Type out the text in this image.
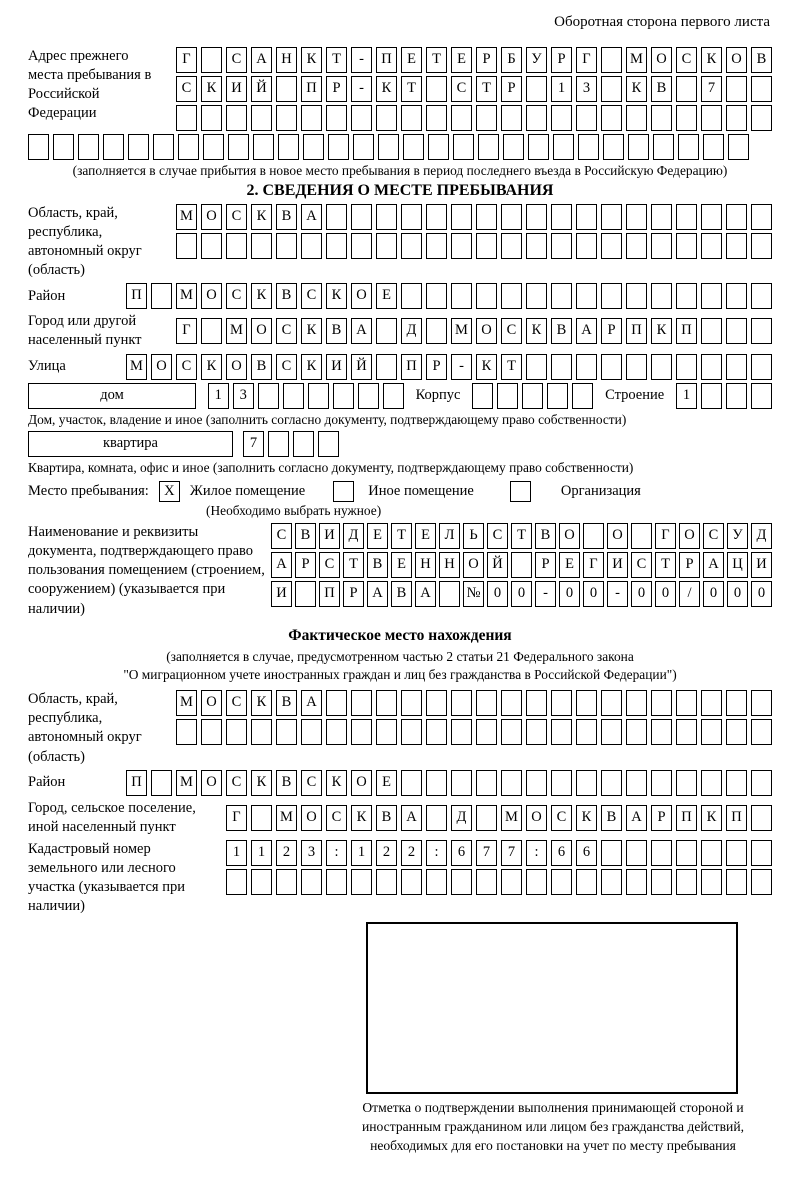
Оборотная сторона первого листа
Адрес прежнего места пребывания в Российской Федерации
Г	С	А	Н	К	Т	-	П	Е	Т	Е	Р	Б	У	Р	Г	М О	С	К	О	В
С	К	И	Й	П	Р	-	К	Т	С	Т	Р	1	3	К	В	7
(заполняется в случае прибытия в новое место пребывания в период последнего въезда в Российскую Федерацию)
2. СВЕДЕНИЯ О МЕСТЕ ПРЕБЫВАНИЯ
Область, край, республика, автономный округ (область)
М О	С	К	В	А
Район	П	М О	С	К	В	С	К	О	Е
Город или другой населенный пункт
Г	М О	С	К	В	А	Д	М О	С	К	В	А	Р	П	К	П
Улица	М О	С	К	О	В	С	К	И	Й	П	Р	-	К	Т
дом	1	3	Корпус	Строение	1
Дом, участок, владение и иное (заполнить согласно документу, подтверждающему право собственности)
квартира	7
Квартира, комната, офис и иное (заполнить согласно документу, подтверждающему право собственности)
Место пребывания:	X	Жилое помещение	Иное помещение	Организация
(Необходимо выбрать нужное)
Наименование и реквизиты документа, подтверждающего право пользования помещением (строением, сооружением) (указывается при наличии)
С В И Д	Е	Т	Е	Л	Ь	С	Т	В О	О	Г	О С У Д
А	Р	С	Т	В	Е Н Н О Й	Р	Е	Г	И С	Т	Р	А Ц И
И	П	Р	А В А	№ 0	0	-	0	0	-	0	0	/	0	0	0
Фактическое место нахождения
(заполняется в случае, предусмотренном частью 2 статьи 21 Федерального закона
"О миграционном учете иностранных граждан и лиц без гражданства в Российской Федерации")
Область, край, республика, автономный округ (область)
М О	С	К	В	А
Район	П	М О	С	К	В	С	К	О	Е
Город, сельское поселение, иной населенный пункт
Г	М О	С	К	В	А	Д	М О	С	К	В	А	Р	П	К	П
Кадастровый номер земельного или лесного участка (указывается при наличии)
1	1	2	3	:	1	2	2	:	6	7	7	:	6	6
Отметка о подтверждении выполнения принимающей стороной и иностранным гражданином или лицом без гражданства действий, необходимых для его постановки на учет по месту пребывания
